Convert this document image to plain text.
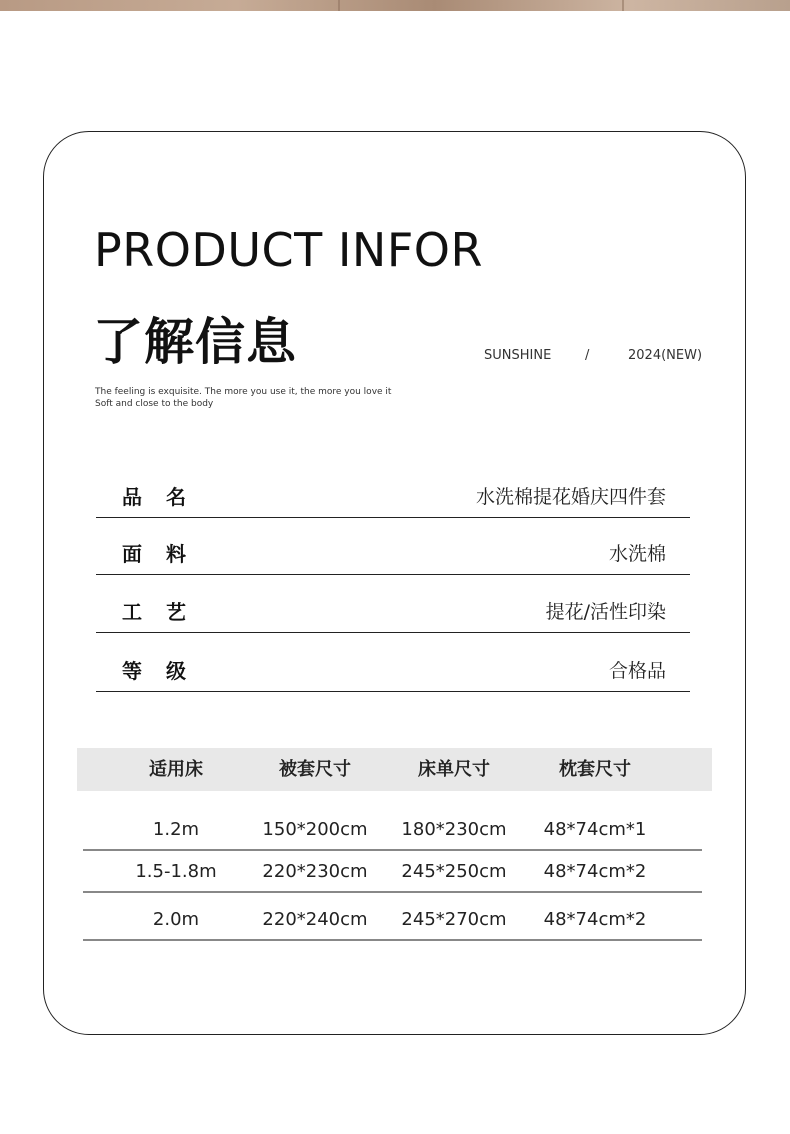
PRODUCT INFOR
了解信息	SUNSHINE	/	2024(NEW)
The feeling is exquisite. The more you use it, the more you love it
Soft and close to the body
品名	水洗棉提花婚庆四件套
面料	水洗棉
工艺	提花/活性印染
等级	合格品
适用床	被套尺寸	床单尺寸	枕套尺寸
1.2m	150*200cm	180*230cm	48*74cm*1
1.5-1.8m	220*230cm	245*250cm	48*74cm*2
2.0m	220*240cm	245*270cm	48*74cm*2
